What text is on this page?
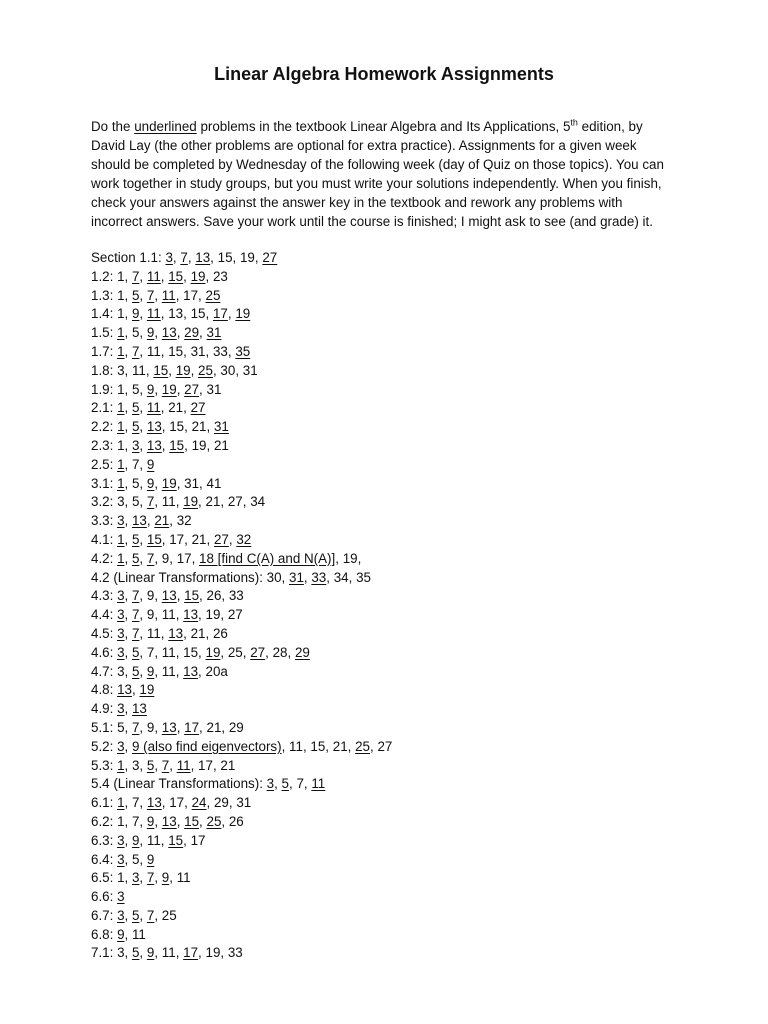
Linear Algebra Homework Assignments

Do the underlined problems in the textbook Linear Algebra and Its Applications, 5th edition, by
David Lay (the other problems are optional for extra practice). Assignments for a given week
should be completed by Wednesday of the following week (day of Quiz on those topics). You can
work together in study groups, but you must write your solutions independently. When you finish,
check your answers against the answer key in the textbook and rework any problems with
incorrect answers. Save your work until the course is finished; I might ask to see (and grade) it.

Section 1.1: 3, 7, 13, 15, 19, 27
1.2: 1, 7, 11, 15, 19, 23
1.3: 1, 5, 7, 11, 17, 25
1.4: 1, 9, 11, 13, 15, 17, 19
1.5: 1, 5, 9, 13, 29, 31
1.7: 1, 7, 11, 15, 31, 33, 35
1.8: 3, 11, 15, 19, 25, 30, 31
1.9: 1, 5, 9, 19, 27, 31
2.1: 1, 5, 11, 21, 27
2.2: 1, 5, 13, 15, 21, 31
2.3: 1, 3, 13, 15, 19, 21
2.5: 1, 7, 9
3.1: 1, 5, 9, 19, 31, 41
3.2: 3, 5, 7, 11, 19, 21, 27, 34
3.3: 3, 13, 21, 32
4.1: 1, 5, 15, 17, 21, 27, 32
4.2: 1, 5, 7, 9, 17, 18 [find C(A) and N(A)], 19,
4.2 (Linear Transformations): 30, 31, 33, 34, 35
4.3: 3, 7, 9, 13, 15, 26, 33
4.4: 3, 7, 9, 11, 13, 19, 27
4.5: 3, 7, 11, 13, 21, 26
4.6: 3, 5, 7, 11, 15, 19, 25, 27, 28, 29
4.7: 3, 5, 9, 11, 13, 20a
4.8: 13, 19
4.9: 3, 13
5.1: 5, 7, 9, 13, 17, 21, 29
5.2: 3, 9 (also find eigenvectors), 11, 15, 21, 25, 27
5.3: 1, 3, 5, 7, 11, 17, 21
5.4 (Linear Transformations): 3, 5, 7, 11
6.1: 1, 7, 13, 17, 24, 29, 31
6.2: 1, 7, 9, 13, 15, 25, 26
6.3: 3, 9, 11, 15, 17
6.4: 3, 5, 9
6.5: 1, 3, 7, 9, 11
6.6: 3
6.7: 3, 5, 7, 25
6.8: 9, 11
7.1: 3, 5, 9, 11, 17, 19, 33
